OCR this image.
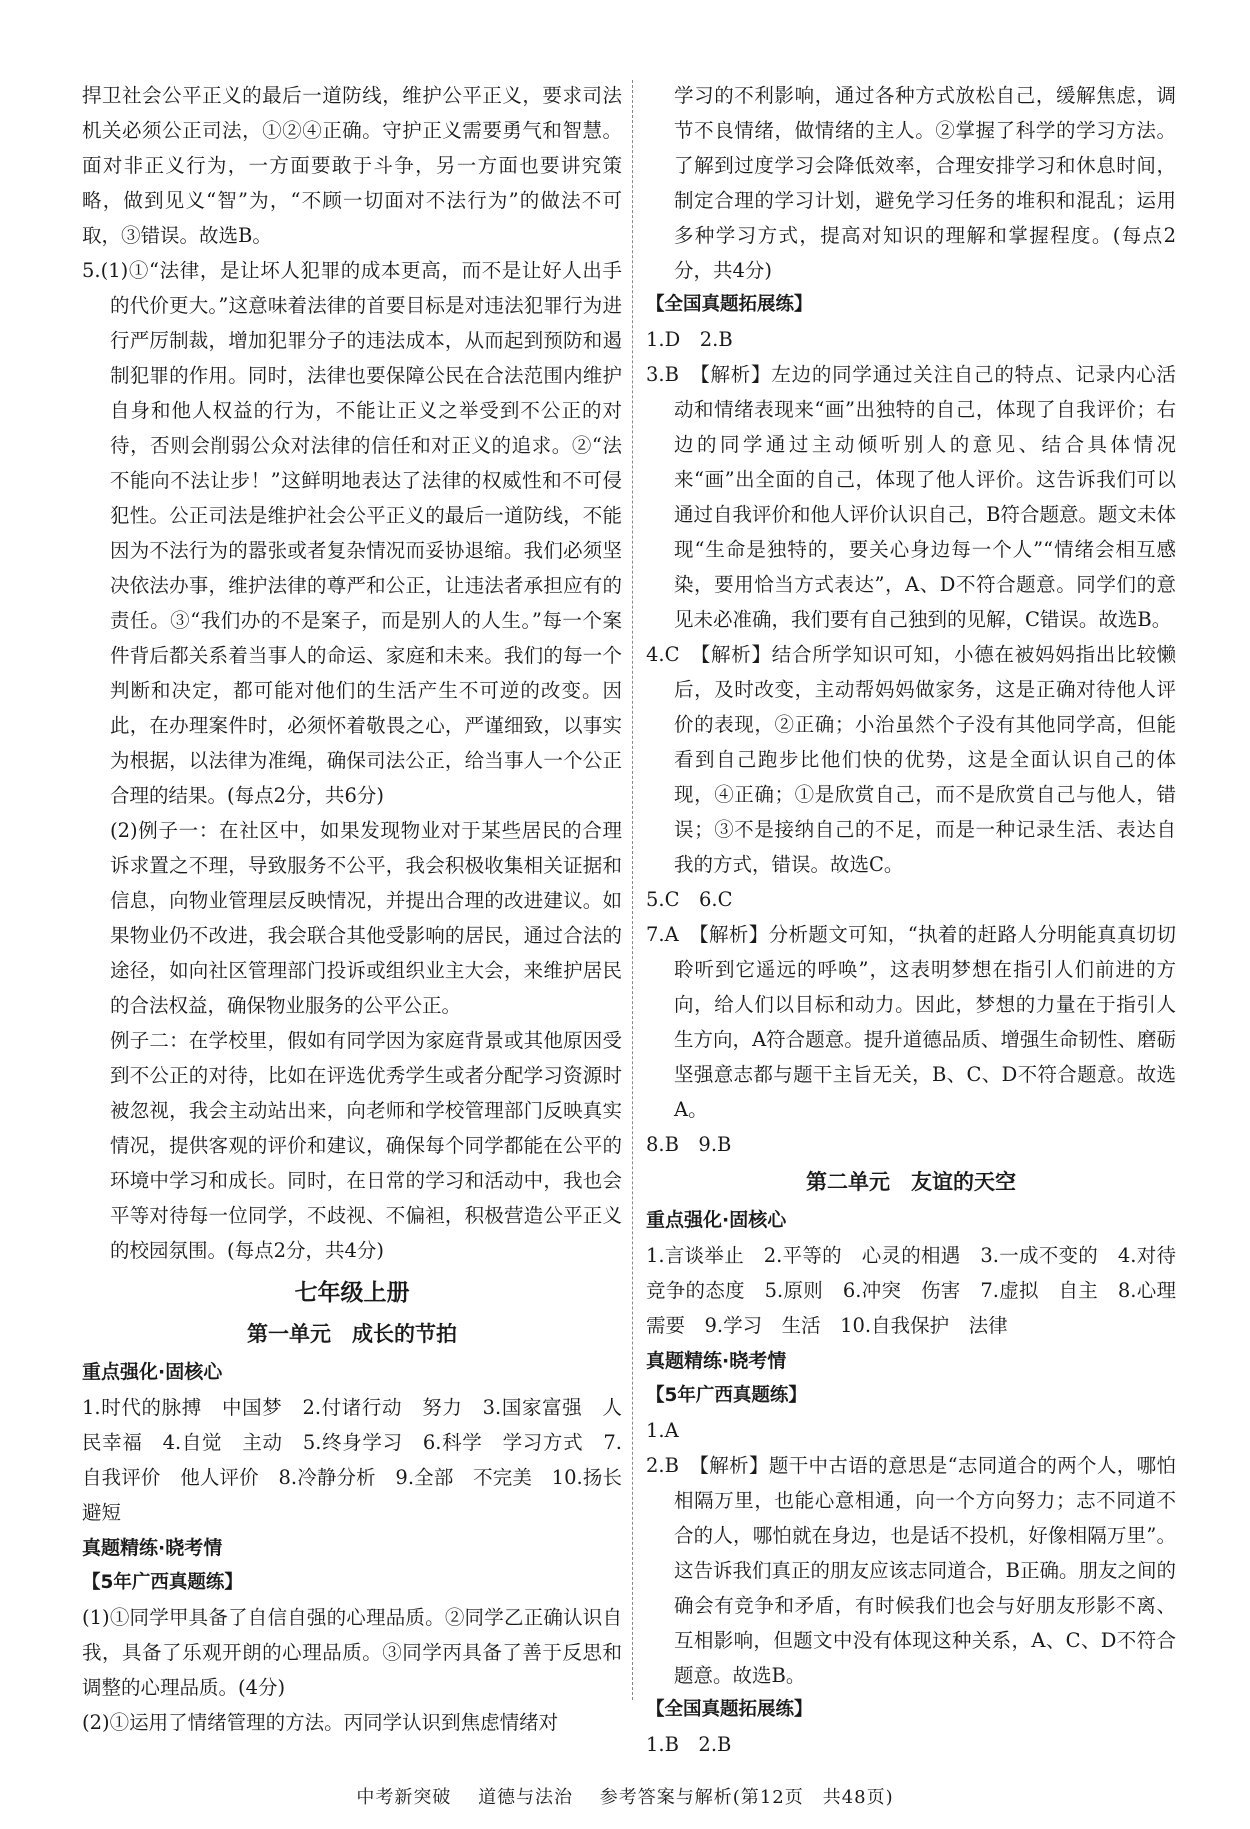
捍卫社会公平正义的最后一道防线，维护公平正义，要求司法机关必须公正司法，①②④正确。守护正义需要勇气和智慧。面对非正义行为，一方面要敢于斗争，另一方面也要讲究策略，做到见义“智”为，“不顾一切面对不法行为”的做法不可取，③错误。故选B。

5.(1)①“法律，是让坏人犯罪的成本更高，而不是让好人出手的代价更大。”这意味着法律的首要目标是对违法犯罪行为进行严厉制裁，增加犯罪分子的违法成本，从而起到预防和遏制犯罪的作用。同时，法律也要保障公民在合法范围内维护自身和他人权益的行为，不能让正义之举受到不公正的对待，否则会削弱公众对法律的信任和对正义的追求。②“法不能向不法让步！”这鲜明地表达了法律的权威性和不可侵犯性。公正司法是维护社会公平正义的最后一道防线，不能因为不法行为的嚣张或者复杂情况而妥协退缩。我们必须坚决依法办事，维护法律的尊严和公正，让违法者承担应有的责任。③“我们办的不是案子，而是别人的人生。”每一个案件背后都关系着当事人的命运、家庭和未来。我们的每一个判断和决定，都可能对他们的生活产生不可逆的改变。因此，在办理案件时，必须怀着敬畏之心，严谨细致，以事实为根据，以法律为准绳，确保司法公正，给当事人一个公正合理的结果。(每点2分，共6分)

(2)例子一：在社区中，如果发现物业对于某些居民的合理诉求置之不理，导致服务不公平，我会积极收集相关证据和信息，向物业管理层反映情况，并提出合理的改进建议。如果物业仍不改进，我会联合其他受影响的居民，通过合法的途径，如向社区管理部门投诉或组织业主大会，来维护居民的合法权益，确保物业服务的公平公正。

例子二：在学校里，假如有同学因为家庭背景或其他原因受到不公正的对待，比如在评选优秀学生或者分配学习资源时被忽视，我会主动站出来，向老师和学校管理部门反映真实情况，提供客观的评价和建议，确保每个同学都能在公平的环境中学习和成长。同时，在日常的学习和活动中，我也会平等对待每一位同学，不歧视、不偏袒，积极营造公平正义的校园氛围。(每点2分，共4分)

七年级上册
第一单元　成长的节拍
重点强化·固核心

1.时代的脉搏　中国梦　2.付诸行动　努力　3.国家富强　人民幸福　4.自觉　主动　5.终身学习　6.科学　学习方式　7.自我评价　他人评价　8.冷静分析　9.全部　不完美　10.扬长避短

真题精练·晓考情
【5年广西真题练】

(1)①同学甲具备了自信自强的心理品质。②同学乙正确认识自我，具备了乐观开朗的心理品质。③同学丙具备了善于反思和调整的心理品质。(4分)

(2)①运用了情绪管理的方法。丙同学认识到焦虑情绪对

学习的不利影响，通过各种方式放松自己，缓解焦虑，调节不良情绪，做情绪的主人。②掌握了科学的学习方法。了解到过度学习会降低效率，合理安排学习和休息时间，制定合理的学习计划，避免学习任务的堆积和混乱；运用多种学习方式，提高对知识的理解和掌握程度。(每点2分，共4分)

【全国真题拓展练】

1.D　2.B

3.B　【解析】左边的同学通过关注自己的特点、记录内心活动和情绪表现来“画”出独特的自己，体现了自我评价；右边的同学通过主动倾听别人的意见、结合具体情况来“画”出全面的自己，体现了他人评价。这告诉我们可以通过自我评价和他人评价认识自己，B符合题意。题文未体现“生命是独特的，要关心身边每一个人”“情绪会相互感染，要用恰当方式表达”，A、D不符合题意。同学们的意见未必准确，我们要有自己独到的见解，C错误。故选B。

4.C　【解析】结合所学知识可知，小德在被妈妈指出比较懒后，及时改变，主动帮妈妈做家务，这是正确对待他人评价的表现，②正确；小治虽然个子没有其他同学高，但能看到自己跑步比他们快的优势，这是全面认识自己的体现，④正确；①是欣赏自己，而不是欣赏自己与他人，错误；③不是接纳自己的不足，而是一种记录生活、表达自我的方式，错误。故选C。

5.C　6.C

7.A　【解析】分析题文可知，“执着的赶路人分明能真真切切聆听到它遥远的呼唤”，这表明梦想在指引人们前进的方向，给人们以目标和动力。因此，梦想的力量在于指引人生方向，A符合题意。提升道德品质、增强生命韧性、磨砺坚强意志都与题干主旨无关，B、C、D不符合题意。故选A。

8.B　9.B

第二单元　友谊的天空
重点强化·固核心

1.言谈举止　2.平等的　心灵的相遇　3.一成不变的　4.对待竞争的态度　5.原则　6.冲突　伤害　7.虚拟　自主　8.心理需要　9.学习　生活　10.自我保护　法律

真题精练·晓考情
【5年广西真题练】

1.A

2.B　【解析】题干中古语的意思是“志同道合的两个人，哪怕相隔万里，也能心意相通，向一个方向努力；志不同道不合的人，哪怕就在身边，也是话不投机，好像相隔万里”。这告诉我们真正的朋友应该志同道合，B正确。朋友之间的确会有竞争和矛盾，有时候我们也会与好朋友形影不离、互相影响，但题文中没有体现这种关系，A、C、D不符合题意。故选B。

【全国真题拓展练】

1.B　2.B

中考新突破 道德与法治 参考答案与解析(第12页　共48页)
